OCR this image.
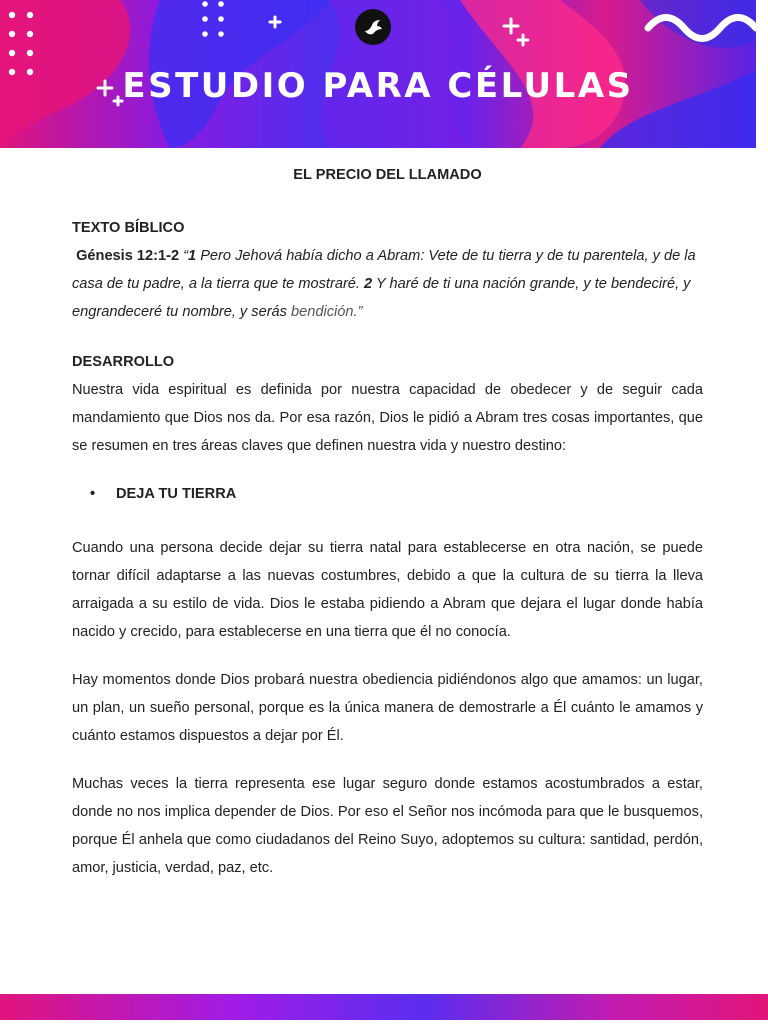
ESTUDIO PARA CÉLULAS

EL PRECIO DEL LLAMADO

TEXTO BÍBLICO

Génesis 12:1-2 “1 Pero Jehová había dicho a Abram: Vete de tu tierra y de tu parentela, y de la casa de tu padre, a la tierra que te mostraré. 2 Y haré de ti una nación grande, y te bendeciré, y engrandeceré tu nombre, y serás bendición.”

DESARROLLO

Nuestra vida espiritual es definida por nuestra capacidad de obedecer y de seguir cada mandamiento que Dios nos da. Por esa razón, Dios le pidió a Abram tres cosas importantes, que se resumen en tres áreas claves que definen nuestra vida y nuestro destino:

•	DEJA TU TIERRA

Cuando una persona decide dejar su tierra natal para establecerse en otra nación, se puede tornar difícil adaptarse a las nuevas costumbres, debido a que la cultura de su tierra la lleva arraigada a su estilo de vida. Dios le estaba pidiendo a Abram que dejara el lugar donde había nacido y crecido, para establecerse en una tierra que él no conocía.

Hay momentos donde Dios probará nuestra obediencia pidiéndonos algo que amamos: un lugar, un plan, un sueño personal, porque es la única manera de demostrarle a Él cuánto le amamos y cuánto estamos dispuestos a dejar por Él.

Muchas veces la tierra representa ese lugar seguro donde estamos acostumbrados a estar, donde no nos implica depender de Dios. Por eso el Señor nos incómoda para que le busquemos, porque Él anhela que como ciudadanos del Reino Suyo, adoptemos su cultura: santidad, perdón, amor, justicia, verdad, paz, etc.
